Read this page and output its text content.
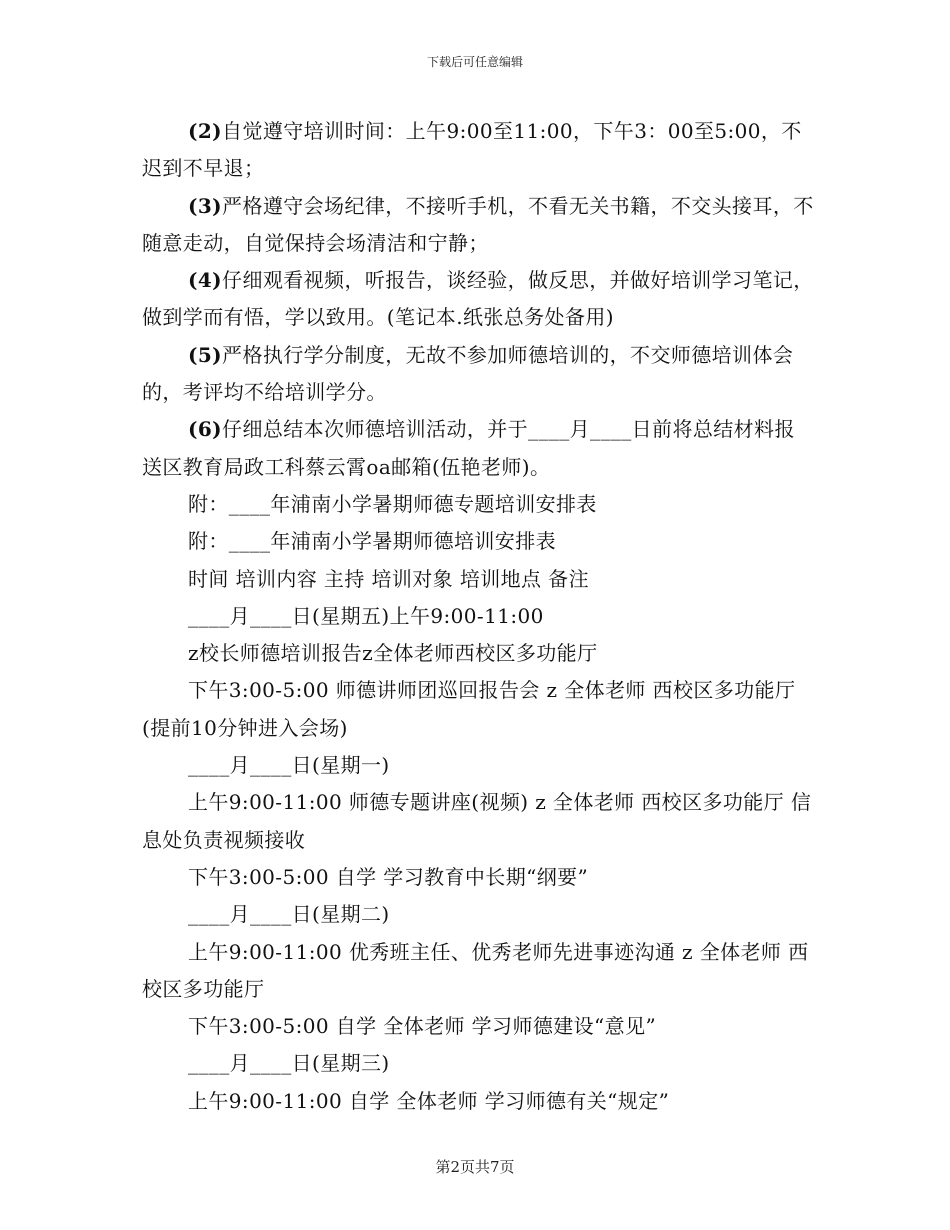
下载后可任意编辑

(2)自觉遵守培训时间：上午9:00至11:00，下午3：00至5:00，不迟到不早退；

(3)严格遵守会场纪律，不接听手机，不看无关书籍，不交头接耳，不随意走动，自觉保持会场清洁和宁静；

(4)仔细观看视频，听报告，谈经验，做反思，并做好培训学习笔记，做到学而有悟，学以致用。(笔记本.纸张总务处备用)

(5)严格执行学分制度，无故不参加师德培训的，不交师德培训体会的，考评均不给培训学分。

(6)仔细总结本次师德培训活动，并于____月____日前将总结材料报送区教育局政工科蔡云霄oa邮箱(伍艳老师)。

附：____年浦南小学暑期师德专题培训安排表

附：____年浦南小学暑期师德培训安排表

时间 培训内容 主持 培训对象 培训地点 备注

____月____日(星期五)上午9:00-11:00

z校长师德培训报告z全体老师西校区多功能厅

下午3:00-5:00 师德讲师团巡回报告会 z 全体老师 西校区多功能厅(提前10分钟进入会场)

____月____日(星期一)

上午9:00-11:00 师德专题讲座(视频) z 全体老师 西校区多功能厅 信息处负责视频接收

下午3:00-5:00 自学 学习教育中长期“纲要”

____月____日(星期二)

上午9:00-11:00 优秀班主任、优秀老师先进事迹沟通 z 全体老师 西校区多功能厅

下午3:00-5:00 自学 全体老师 学习师德建设“意见”

____月____日(星期三)

上午9:00-11:00 自学 全体老师 学习师德有关“规定”

第2页共7页
